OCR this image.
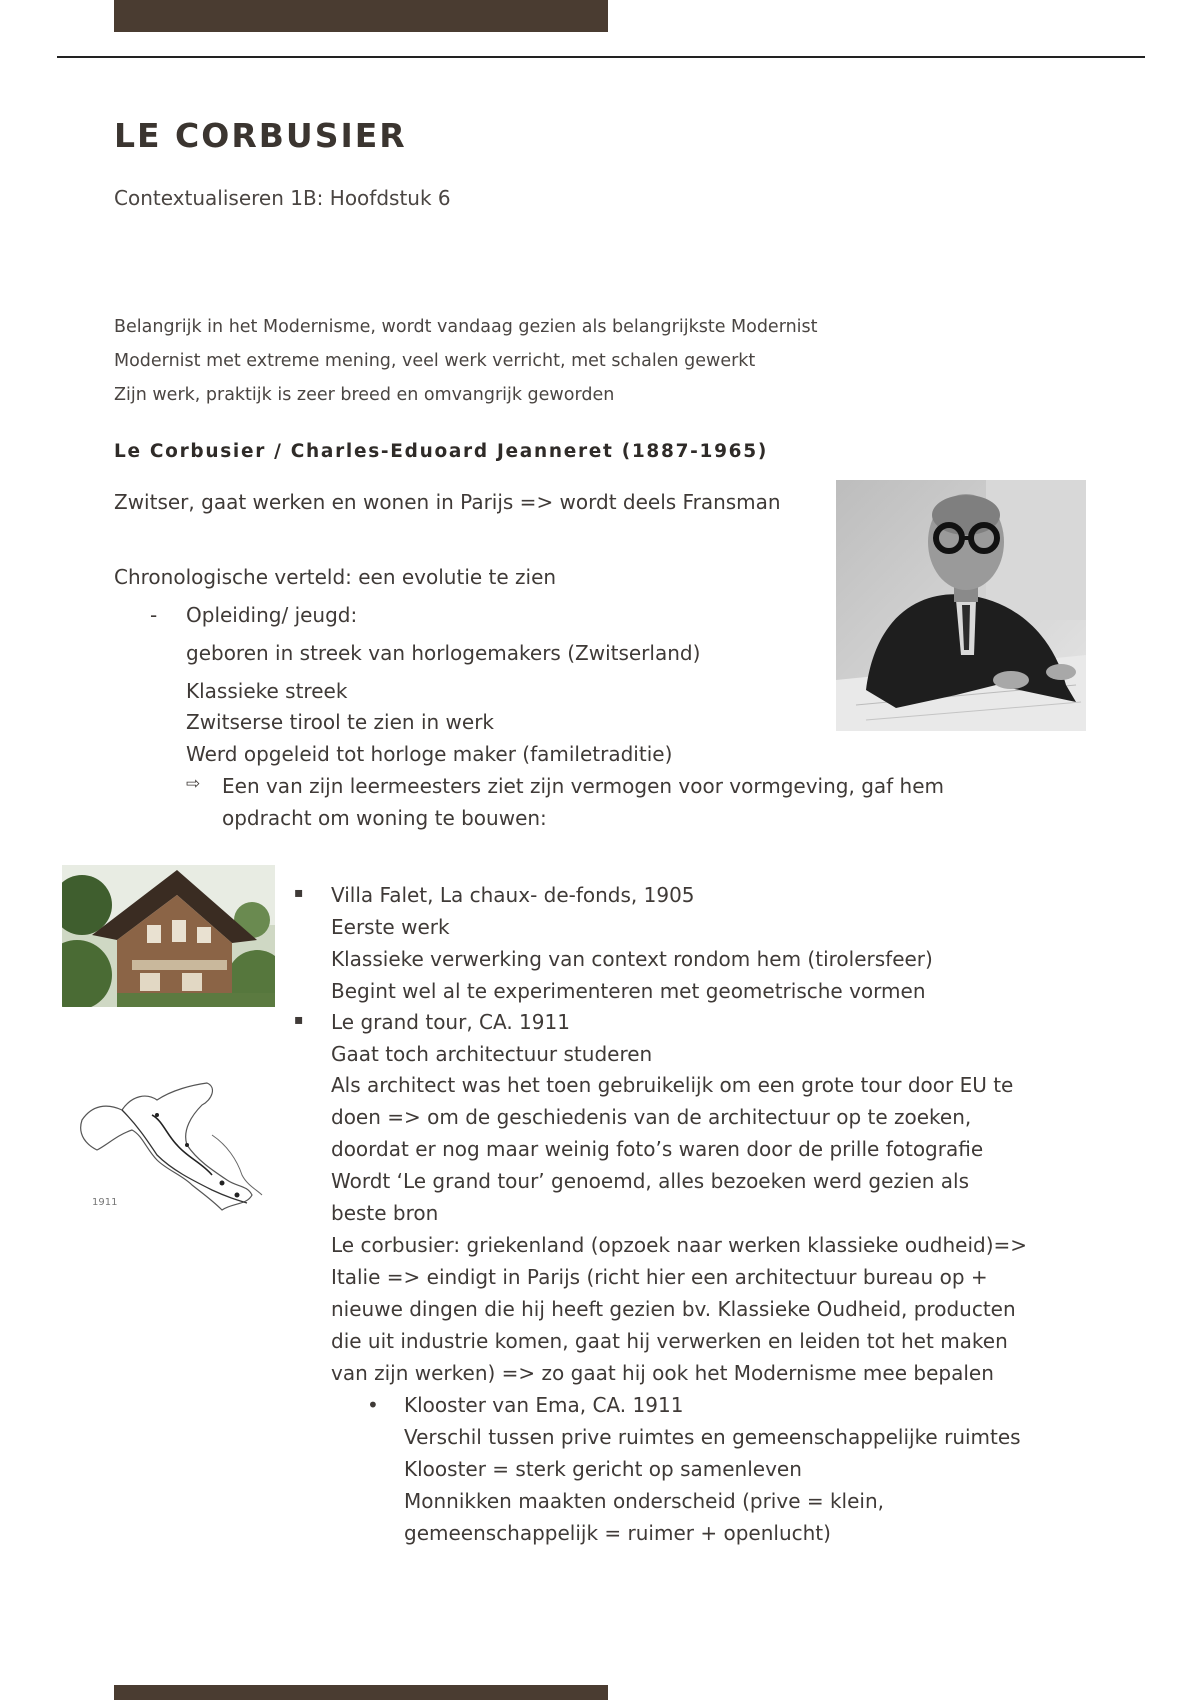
LE CORBUSIER
Contextualiseren 1B: Hoofdstuk 6
Belangrijk in het Modernisme, wordt vandaag gezien als belangrijkste Modernist
Modernist met extreme mening, veel werk verricht, met schalen gewerkt
Zijn werk, praktijk is zeer breed en omvangrijk geworden
Le Corbusier / Charles-Eduoard Jeanneret (1887-1965)
Zwitser, gaat werken en wonen in Parijs => wordt deels Fransman
Chronologische verteld: een evolutie te zien
- Opleiding/ jeugd:
geboren in streek van horlogemakers (Zwitserland)
Klassieke streek
Zwitserse tirool te zien in werk
Werd opgeleid tot horloge maker (familetraditie)
⇨ Een van zijn leermeesters ziet zijn vermogen voor vormgeving, gaf hem
opdracht om woning te bouwen:
1911
▪ Villa Falet, La chaux- de-fonds, 1905
Eerste werk
Klassieke verwerking van context rondom hem (tirolersfeer)
Begint wel al te experimenteren met geometrische vormen
▪ Le grand tour, CA. 1911
Gaat toch architectuur studeren
Als architect was het toen gebruikelijk om een grote tour door EU te
doen => om de geschiedenis van de architectuur op te zoeken,
doordat er nog maar weinig foto’s waren door de prille fotografie
Wordt ‘Le grand tour’ genoemd, alles bezoeken werd gezien als
beste bron
Le corbusier: griekenland (opzoek naar werken klassieke oudheid)=>
Italie => eindigt in Parijs (richt hier een architectuur bureau op +
nieuwe dingen die hij heeft gezien bv. Klassieke Oudheid, producten
die uit industrie komen, gaat hij verwerken en leiden tot het maken
van zijn werken) => zo gaat hij ook het Modernisme mee bepalen
• Klooster van Ema, CA. 1911
Verschil tussen prive ruimtes en gemeenschappelijke ruimtes
Klooster = sterk gericht op samenleven
Monnikken maakten onderscheid (prive = klein,
gemeenschappelijk = ruimer + openlucht)
